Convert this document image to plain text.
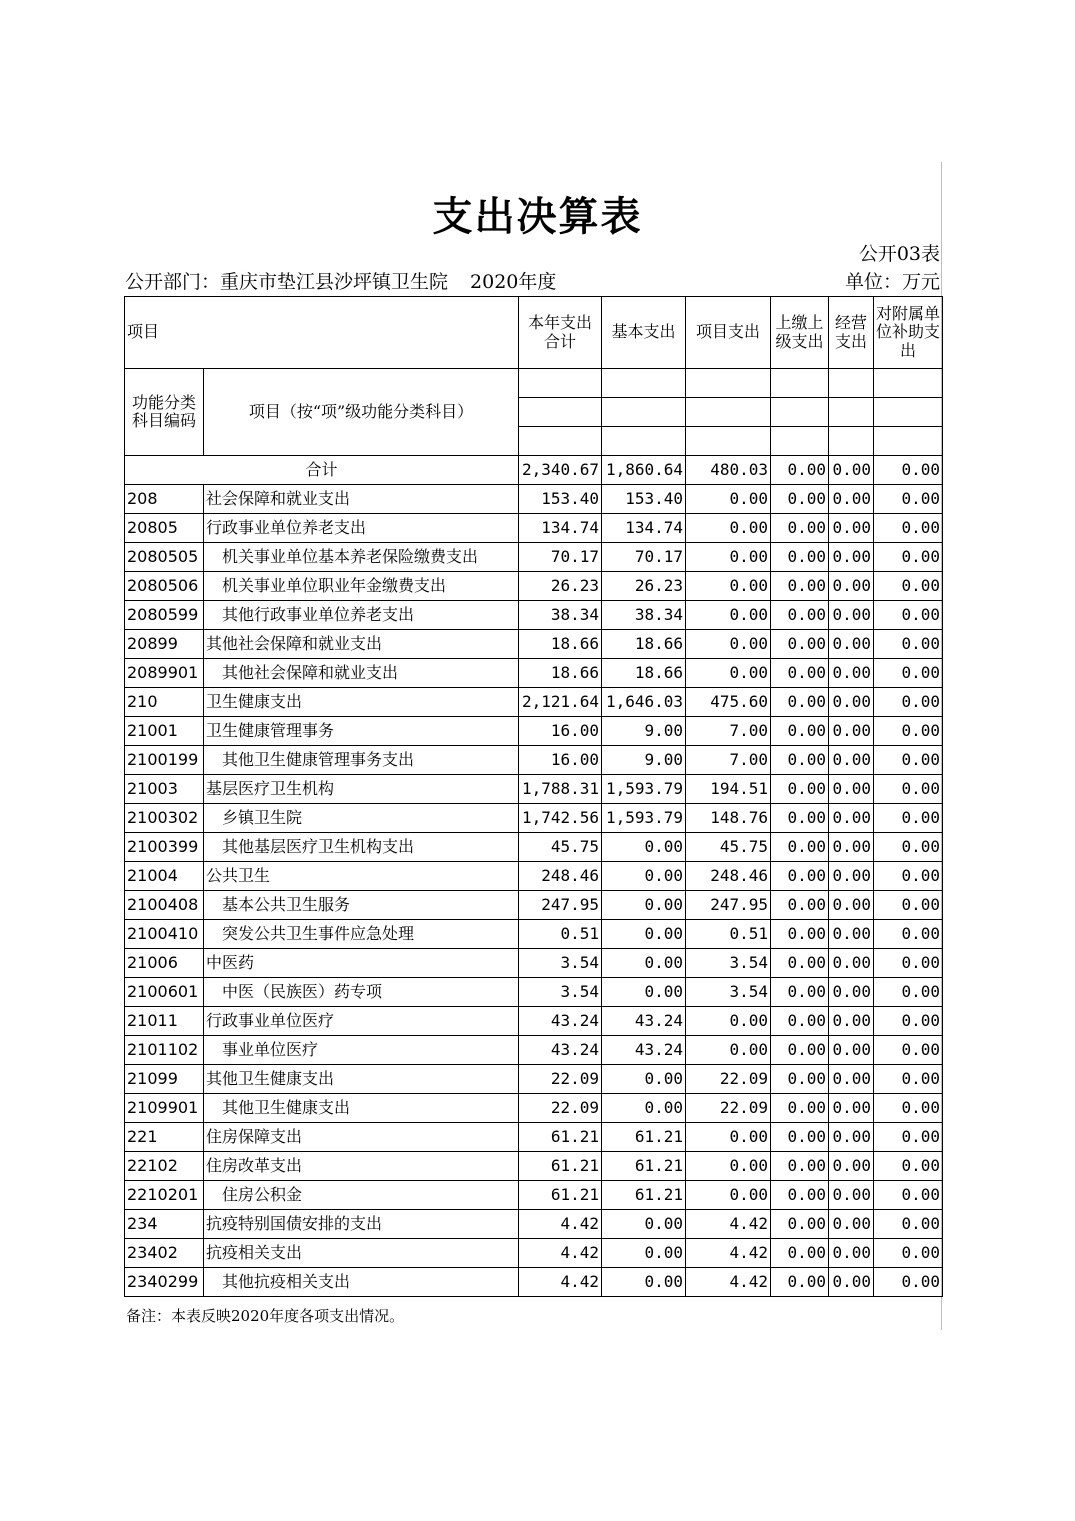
支出决算表
公开03表
公开部门：重庆市垫江县沙坪镇卫生院 2020年度	单位：万元
项目		本年支出合计	基本支出	项目支出	上缴上级支出	经营支出	对附属单位补助支出
功能分类科目编码	项目（按“项”级功能分类科目）						

合计		2,340.67	1,860.64	480.03	0.00	0.00	0.00
208	社会保障和就业支出	153.40	153.40	0.00	0.00	0.00	0.00
20805	行政事业单位养老支出	134.74	134.74	0.00	0.00	0.00	0.00
2080505	机关事业单位基本养老保险缴费支出	70.17	70.17	0.00	0.00	0.00	0.00
2080506	机关事业单位职业年金缴费支出	26.23	26.23	0.00	0.00	0.00	0.00
2080599	其他行政事业单位养老支出	38.34	38.34	0.00	0.00	0.00	0.00
20899	其他社会保障和就业支出	18.66	18.66	0.00	0.00	0.00	0.00
2089901	其他社会保障和就业支出	18.66	18.66	0.00	0.00	0.00	0.00
210	卫生健康支出	2,121.64	1,646.03	475.60	0.00	0.00	0.00
21001	卫生健康管理事务	16.00	9.00	7.00	0.00	0.00	0.00
2100199	其他卫生健康管理事务支出	16.00	9.00	7.00	0.00	0.00	0.00
21003	基层医疗卫生机构	1,788.31	1,593.79	194.51	0.00	0.00	0.00
2100302	乡镇卫生院	1,742.56	1,593.79	148.76	0.00	0.00	0.00
2100399	其他基层医疗卫生机构支出	45.75	0.00	45.75	0.00	0.00	0.00
21004	公共卫生	248.46	0.00	248.46	0.00	0.00	0.00
2100408	基本公共卫生服务	247.95	0.00	247.95	0.00	0.00	0.00
2100410	突发公共卫生事件应急处理	0.51	0.00	0.51	0.00	0.00	0.00
21006	中医药	3.54	0.00	3.54	0.00	0.00	0.00
2100601	中医（民族医）药专项	3.54	0.00	3.54	0.00	0.00	0.00
21011	行政事业单位医疗	43.24	43.24	0.00	0.00	0.00	0.00
2101102	事业单位医疗	43.24	43.24	0.00	0.00	0.00	0.00
21099	其他卫生健康支出	22.09	0.00	22.09	0.00	0.00	0.00
2109901	其他卫生健康支出	22.09	0.00	22.09	0.00	0.00	0.00
221	住房保障支出	61.21	61.21	0.00	0.00	0.00	0.00
22102	住房改革支出	61.21	61.21	0.00	0.00	0.00	0.00
2210201	住房公积金	61.21	61.21	0.00	0.00	0.00	0.00
234	抗疫特别国债安排的支出	4.42	0.00	4.42	0.00	0.00	0.00
23402	抗疫相关支出	4.42	0.00	4.42	0.00	0.00	0.00
2340299	其他抗疫相关支出	4.42	0.00	4.42	0.00	0.00	0.00
备注：本表反映2020年度各项支出情况。
